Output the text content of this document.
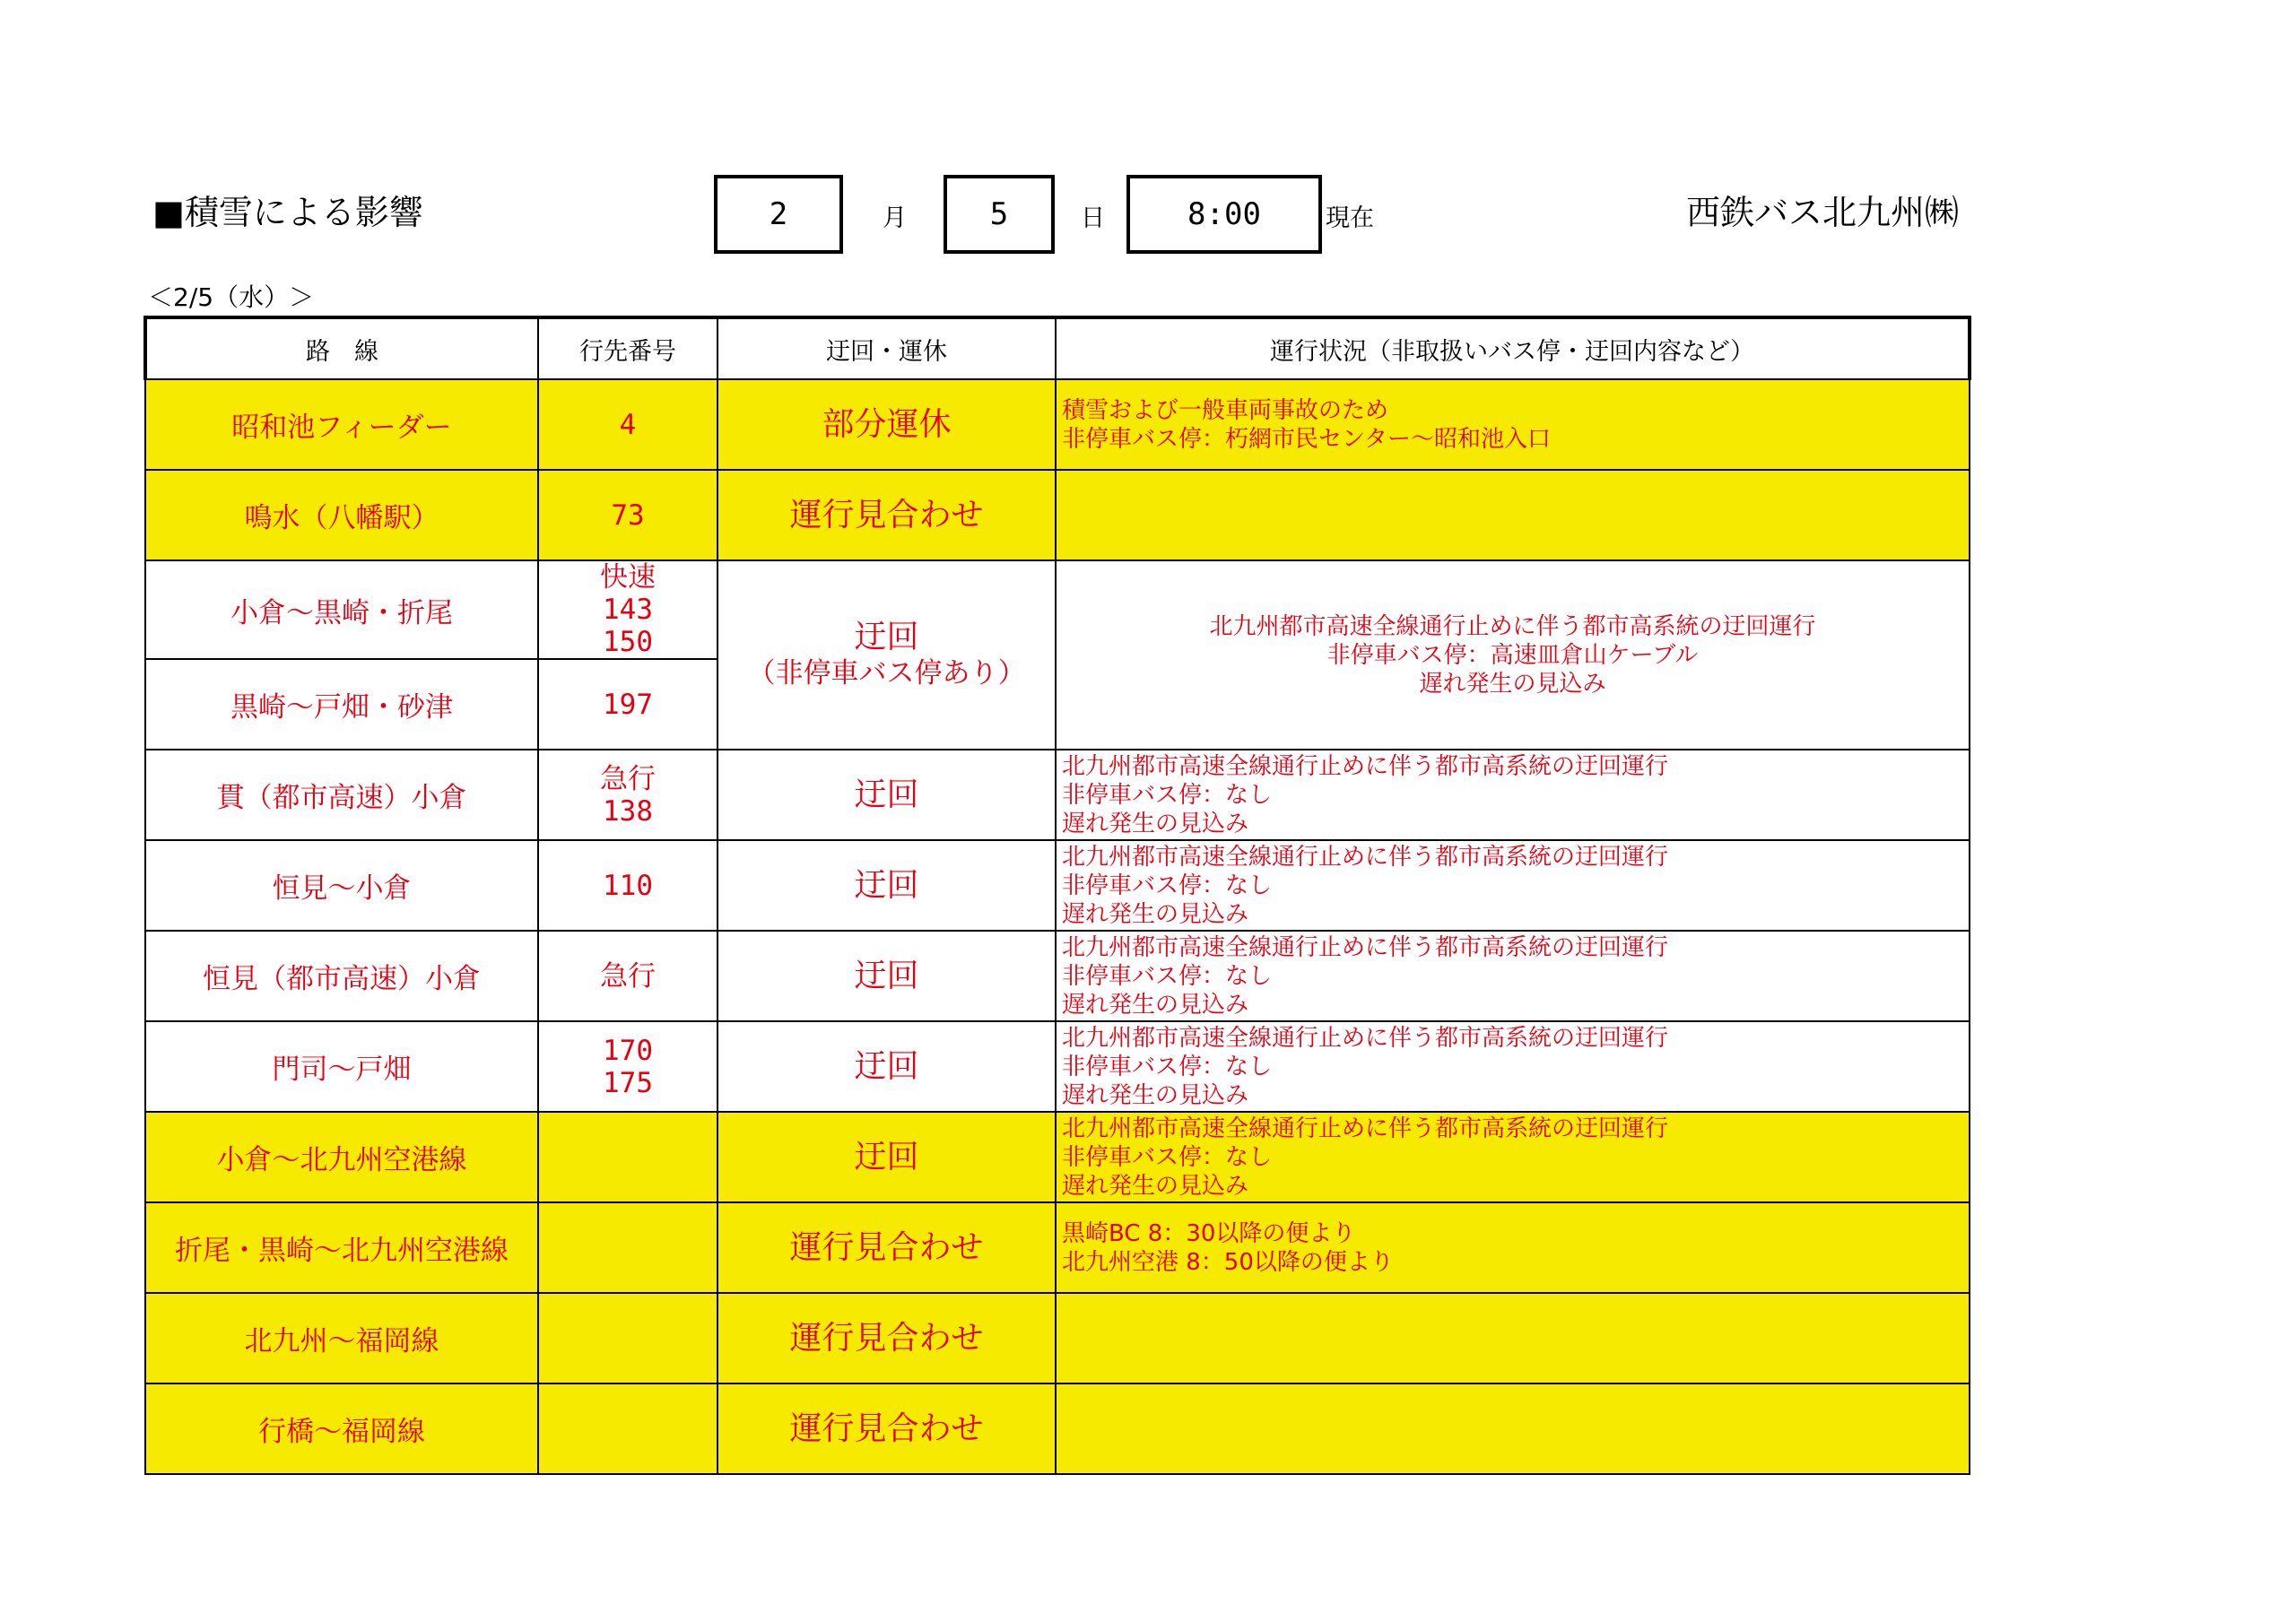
■積雪による影響	2	月	5	日	8:00	現在	西鉄バス北九州㈱
＜2/5（水）＞
路　線	行先番号	迂回・運休	運行状況（非取扱いバス停・迂回内容など）
昭和池フィーダー	4	部分運休	積雪および一般車両事故のため
非停車バス停：朽網市民センター～昭和池入口

鳴水（八幡駅）	73	運行見合わせ	
小倉～黒崎・折尾	快速
143
150	迂回
（非停車バス停あり）	北九州都市高速全線通行止めに伴う都市高系統の迂回運行
非停車バス停：高速皿倉山ケーブル
遅れ発生の見込み

黒崎～戸畑・砂津	197		

貫（都市高速）小倉	急行
138	迂回	北九州都市高速全線通行止めに伴う都市高系統の迂回運行
非停車バス停：なし
遅れ発生の見込み

恒見～小倉	110	迂回	北九州都市高速全線通行止めに伴う都市高系統の迂回運行
非停車バス停：なし
遅れ発生の見込み

恒見（都市高速）小倉	急行	迂回	北九州都市高速全線通行止めに伴う都市高系統の迂回運行
非停車バス停：なし
遅れ発生の見込み

門司～戸畑	170
175	迂回	北九州都市高速全線通行止めに伴う都市高系統の迂回運行
非停車バス停：なし
遅れ発生の見込み

小倉～北九州空港線		迂回	北九州都市高速全線通行止めに伴う都市高系統の迂回運行
非停車バス停：なし
遅れ発生の見込み

折尾・黒崎～北九州空港線		運行見合わせ	黒崎BC 8：30以降の便より
北九州空港 8：50以降の便より

北九州～福岡線		運行見合わせ	
行橋～福岡線		運行見合わせ	
